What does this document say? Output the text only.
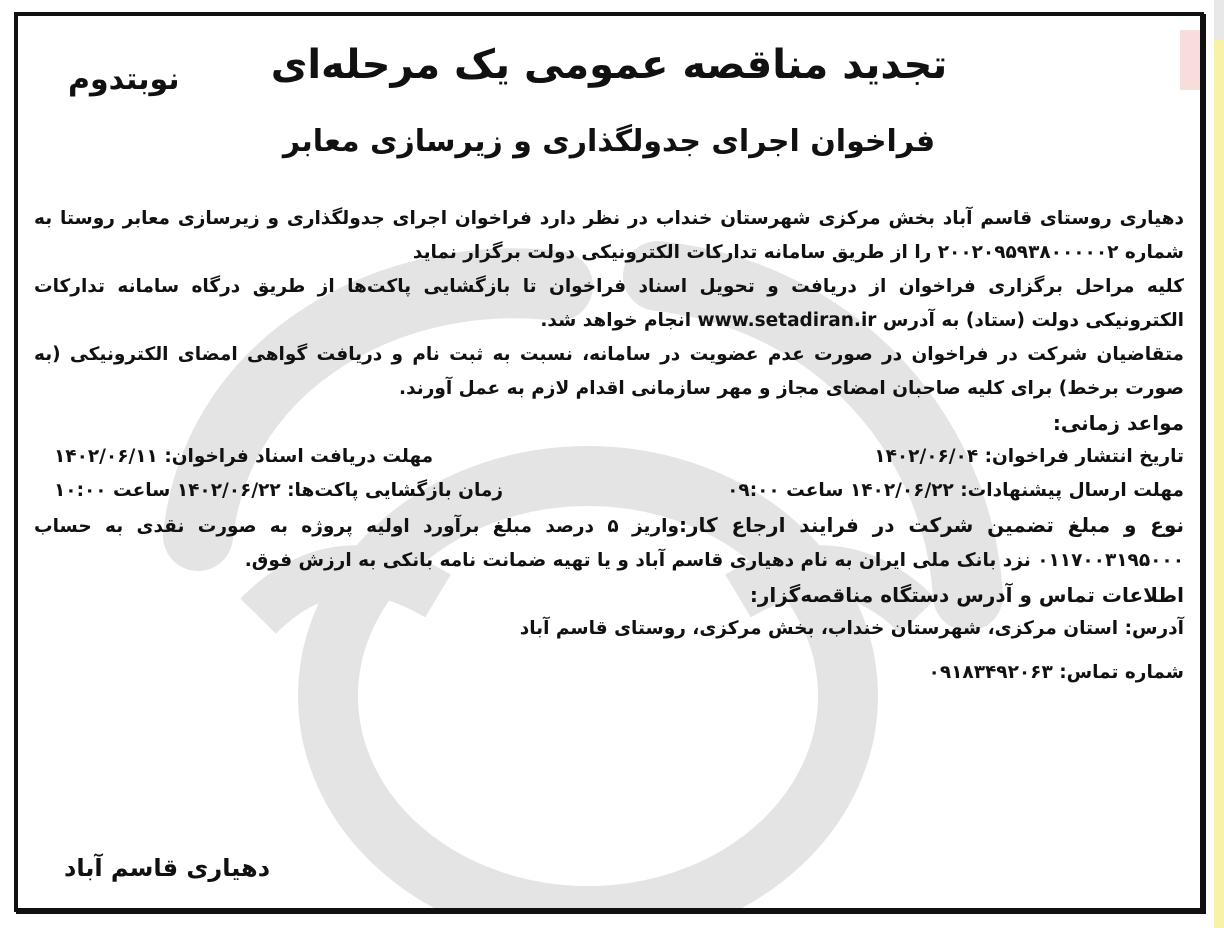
تجدید مناقصه عمومی یک مرحله‌ای
نوبتدوم
فراخوان اجرای جدولگذاری و زیرسازی معابر

دهیاری روستای قاسم آباد بخش مرکزی شهرستان خنداب در نظر دارد فراخوان اجرای جدولگذاری و زیرسازی معابر روستا به شماره ۲۰۰۲۰۹۵۹۳۸۰۰۰۰۰۲ را از طریق سامانه تدارکات الکترونیکی دولت برگزار نماید

کلیه مراحل برگزاری فراخوان از دریافت و تحویل اسناد فراخوان تا بازگشایی پاکت‌ها از طریق درگاه سامانه تدارکات الکترونیکی دولت (ستاد) به آدرس www.setadiran.ir انجام خواهد شد.

متقاضیان شرکت در فراخوان در صورت عدم عضویت در سامانه، نسبت به ثبت نام و دریافت گواهی امضای الکترونیکی (به صورت برخط) برای کلیه صاحبان امضای مجاز و مهر سازمانی اقدام لازم به عمل آورند.

مواعد زمانی:

تاریخ انتشار فراخوان: ۱۴۰۲/۰۶/۰۴
مهلت دریافت اسناد فراخوان: ۱۴۰۲/۰۶/۱۱
مهلت ارسال پیشنهادات: ۱۴۰۲/۰۶/۲۲ ساعت ۰۹:۰۰
زمان بازگشایی پاکت‌ها: ۱۴۰۲/۰۶/۲۲ ساعت ۱۰:۰۰

نوع و مبلغ تضمین شرکت در فرایند ارجاع کار:واریز ۵ درصد مبلغ برآورد اولیه پروژه به صورت نقدی به حساب ۰۱۱۷۰۰۳۱۹۵۰۰۰ نزد بانک ملی ایران به نام دهیاری قاسم آباد و یا تهیه ضمانت نامه بانکی به ارزش فوق.

اطلاعات تماس و آدرس دستگاه مناقصه‌گزار:

آدرس: استان مرکزی، شهرستان خنداب، بخش مرکزی، روستای قاسم آباد

شماره تماس: ۰۹۱۸۳۴۹۲۰۶۳

دهیاری قاسم آباد
